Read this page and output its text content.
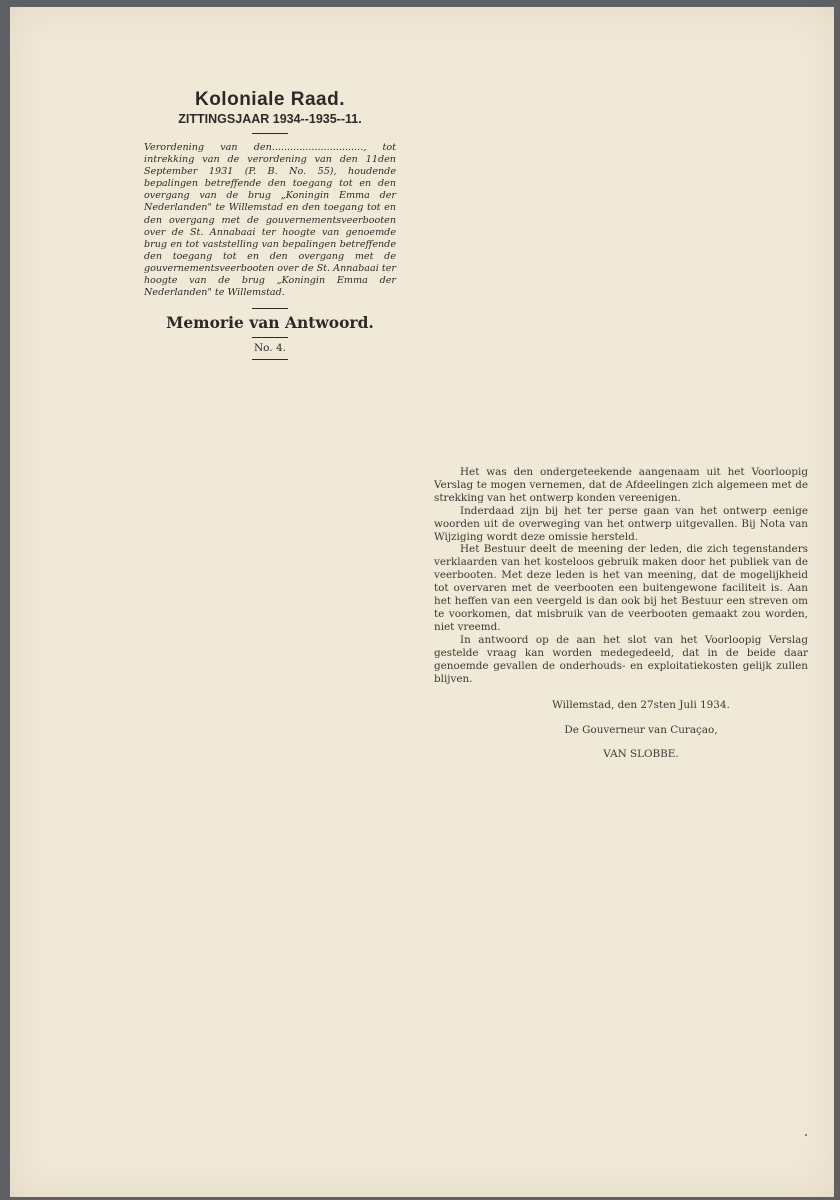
Koloniale Raad.

ZITTINGSJAAR 1934--1935--11.

Verordening van den.............................., tot intrekking van de verordening van den 11den September 1931 (P. B. No. 55), houdende bepalingen betreffende den toegang tot en den overgang van de brug „Koningin Emma der Nederlanden" te Willemstad en den toegang tot en den overgang met de gouvernementsveerbooten over de St. Annabaai ter hoogte van genoemde brug en tot vaststelling van bepalingen betreffende den toegang tot en den overgang met de gouvernementsveerbooten over de St. Annabaai ter hoogte van de brug „Koningin Emma der Nederlanden" te Willemstad.

Memorie van Antwoord.

No. 4.

Het was den ondergeteekende aangenaam uit het Voorloopig Verslag te mogen vernemen, dat de Afdeelingen zich algemeen met de strekking van het ontwerp konden vereenigen.

Inderdaad zijn bij het ter perse gaan van het ontwerp eenige woorden uit de overweging van het ontwerp uitgevallen. Bij Nota van Wijziging wordt deze omissie hersteld.

Het Bestuur deelt de meening der leden, die zich tegenstanders verklaarden van het kosteloos gebruik maken door het publiek van de veerbooten. Met deze leden is het van meening, dat de mogelijkheid tot overvaren met de veerbooten een buitengewone faciliteit is. Aan het heffen van een veergeld is dan ook bij het Bestuur een streven om te voorkomen, dat misbruik van de veerbooten gemaakt zou worden, niet vreemd.

In antwoord op de aan het slot van het Voorloopig Verslag gestelde vraag kan worden medegedeeld, dat in de beide daar genoemde gevallen de onderhouds- en exploitatiekosten gelijk zullen blijven.

Willemstad, den 27sten Juli 1934.

De Gouverneur van Curaçao,

VAN SLOBBE.
